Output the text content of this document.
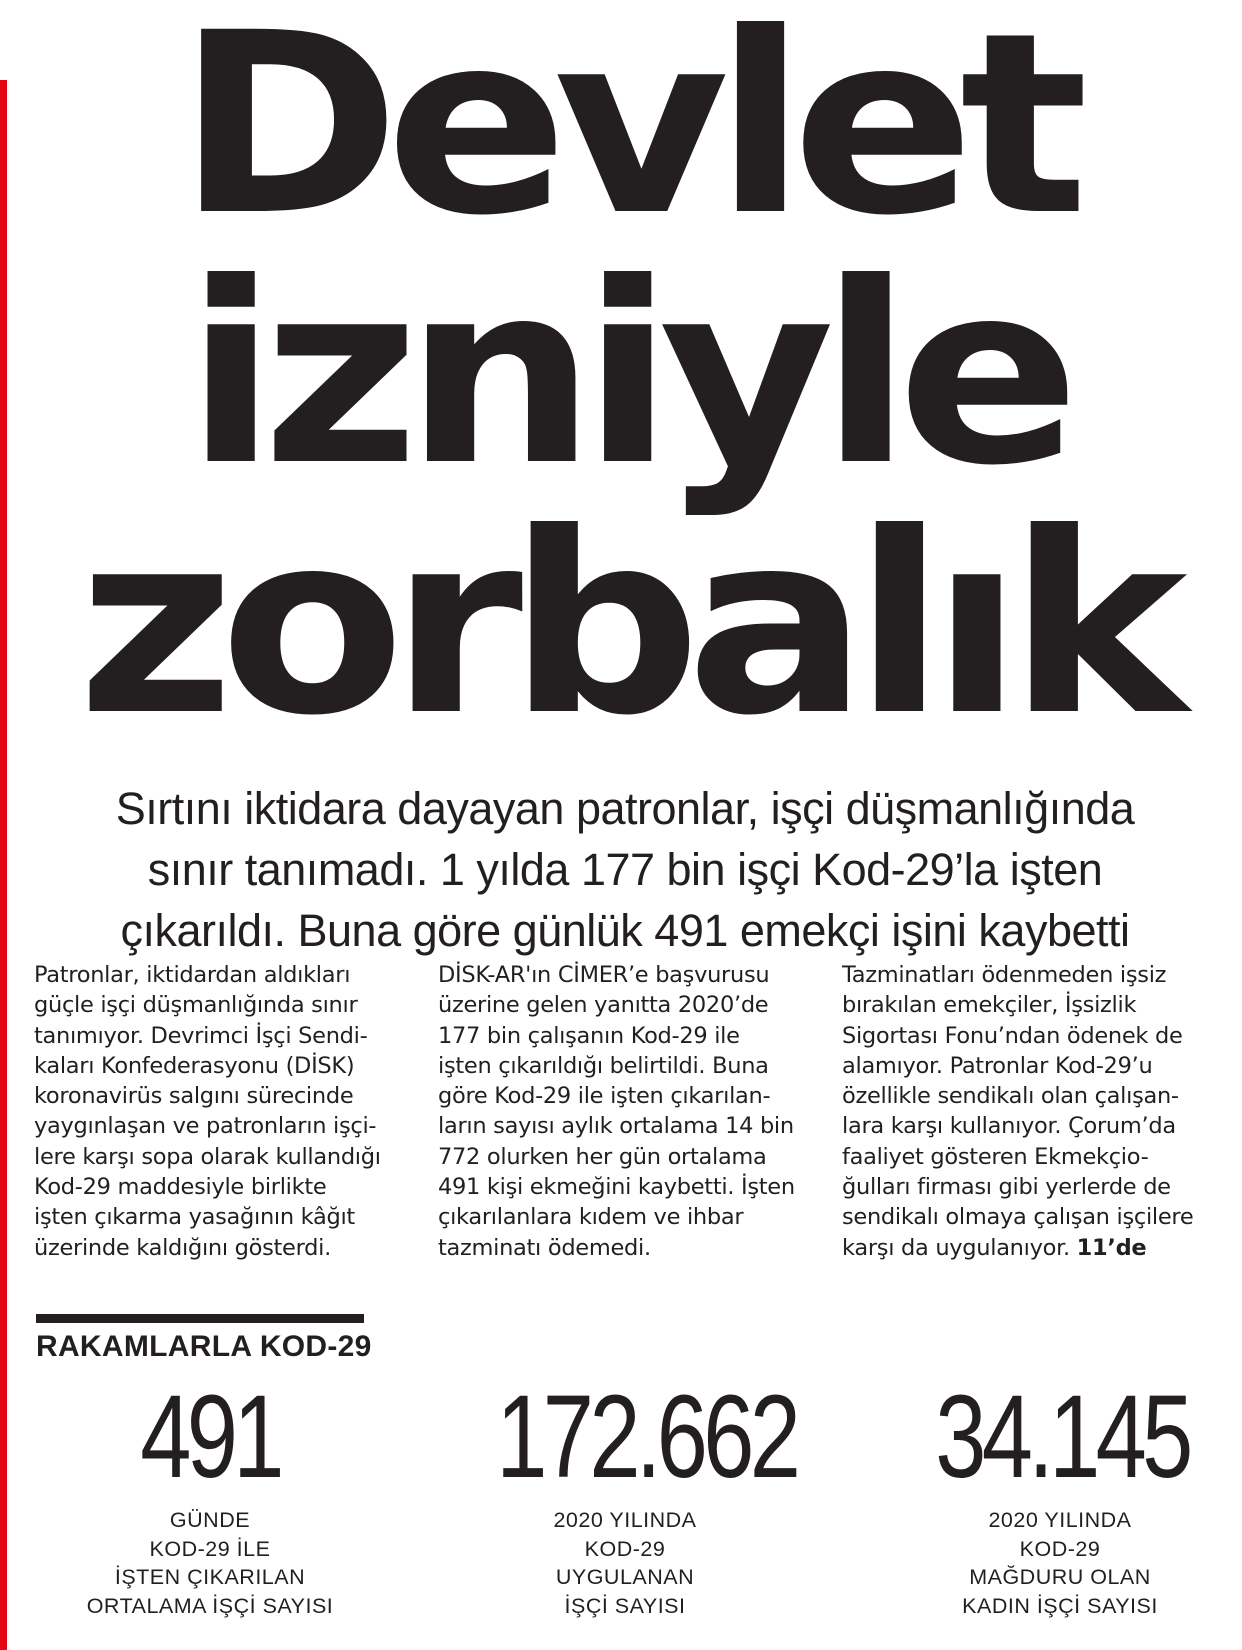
Devlet
izniyle
zorbalık

Sırtını iktidara dayayan patronlar, işçi düşmanlığında
sınır tanımadı. 1 yılda 177 bin işçi Kod-29’la işten
çıkarıldı. Buna göre günlük 491 emekçi işini kaybetti

Patronlar, iktidardan aldıkları
güçle işçi düşmanlığında sınır
tanımıyor. Devrimci İşçi Sendi-
kaları Konfederasyonu (DİSK)
koronavirüs salgını sürecinde
yaygınlaşan ve patronların işçi-
lere karşı sopa olarak kullandığı
Kod-29 maddesiyle birlikte
işten çıkarma yasağının kâğıt
üzerinde kaldığını gösterdi.

DİSK-AR'ın CİMER’e başvurusu
üzerine gelen yanıtta 2020’de
177 bin çalışanın Kod-29 ile
işten çıkarıldığı belirtildi. Buna
göre Kod-29 ile işten çıkarılan-
ların sayısı aylık ortalama 14 bin
772 olurken her gün ortalama
491 kişi ekmeğini kaybetti. İşten
çıkarılanlara kıdem ve ihbar
tazminatı ödemedi.

Tazminatları ödenmeden işsiz
bırakılan emekçiler, İşsizlik
Sigortası Fonu’ndan ödenek de
alamıyor. Patronlar Kod-29’u
özellikle sendikalı olan çalışan-
lara karşı kullanıyor. Çorum’da
faaliyet gösteren Ekmekçio-
ğulları firması gibi yerlerde de
sendikalı olmaya çalışan işçilere
karşı da uygulanıyor. 11’de

RAKAMLARLA KOD-29
491
GÜNDE
KOD-29 İLE
İŞTEN ÇIKARILAN
ORTALAMA İŞÇİ SAYISI
172.662
2020 YILINDA
KOD-29
UYGULANAN
İŞÇİ SAYISI
34.145
2020 YILINDA
KOD-29
MAĞDURU OLAN
KADIN İŞÇİ SAYISI
